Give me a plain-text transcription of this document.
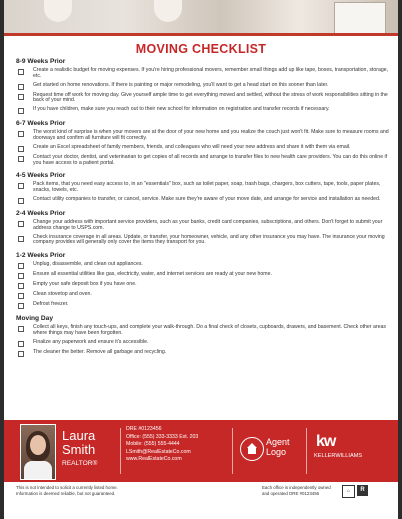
MOVING CHECKLIST
8-9 Weeks Prior
Create a realistic budget for moving expenses. If you're hiring professional movers, remember small things add up like tape, boxes, transportation, storage, etc.
Get started on home renovations. If there is painting or major remodeling, you'll want to get a head start on this sooner than later.
Request time off work for moving day. Give yourself ample time to get everything moved and settled, without the stress of work responsibilities sitting in the back of your mind.
If you have children, make sure you reach out to their new school for information on registration and transfer records if necessary.
6-7 Weeks Prior
The worst kind of surprise is when your movers are at the door of your new home and you realize the couch just won't fit. Make sure to measure rooms and doorways and confirm all furniture will fit correctly.
Create an Excel spreadsheet of family members, friends, and colleagues who will need your new address and share it with them via email.
Contact your doctor, dentist, and veterinarian to get copies of all records and arrange to transfer files to new health care providers. You can do this online if you have access to a patient portal.
4-5 Weeks Prior
Pack items, that you need easy access to, in an "essentials" box, such as toilet paper, soap, trash bags, chargers, box cutters, tape, tools, paper plates, snacks, towels, etc.
Contact utility companies to transfer, or cancel, service. Make sure they're aware of your move date, and arrange for service and installation as needed.
2-4 Weeks Prior
Change your address with important service providers, such as your banks, credit card companies, subscriptions, and others. Don't forget to submit your address change to USPS.com.
Check insurance coverage in all areas. Update, or transfer, your homeowner, vehicle, and any other insurance you may have. The insurance your moving company provides will generally only cover the items they transport for you.
1-2 Weeks Prior
Unplug, disassemble, and clean out appliances.
Ensure all essential utilities like gas, electricity, water, and internet services are ready at your new home.
Empty your safe deposit box if you have one.
Clean stovetop and oven.
Defrost freezer.
Moving Day
Collect all keys, finish any touch-ups, and complete your walk-through. Do a final check of closets, cupboards, drawers, and basement. Check other areas where things may have been forgotten.
Finalize any paperwork and ensure it's accessible.
The cleaner the better. Remove all garbage and recycling.
Laura
Smith
REALTOR®
DRE #0123456
Office: (555) 333-3333 Ext. 203
Mobile: (555) 555-4444
LSmith@RealEstateCo.com
www.RealEstateCo.com
Agent
Logo
kw
KELLERWILLIAMS
This is not intended to solicit a currently listed home.
Information is deemed reliable, but not guaranteed.
Each office is independently owned
and operated DRE #0123456	⌂	R
